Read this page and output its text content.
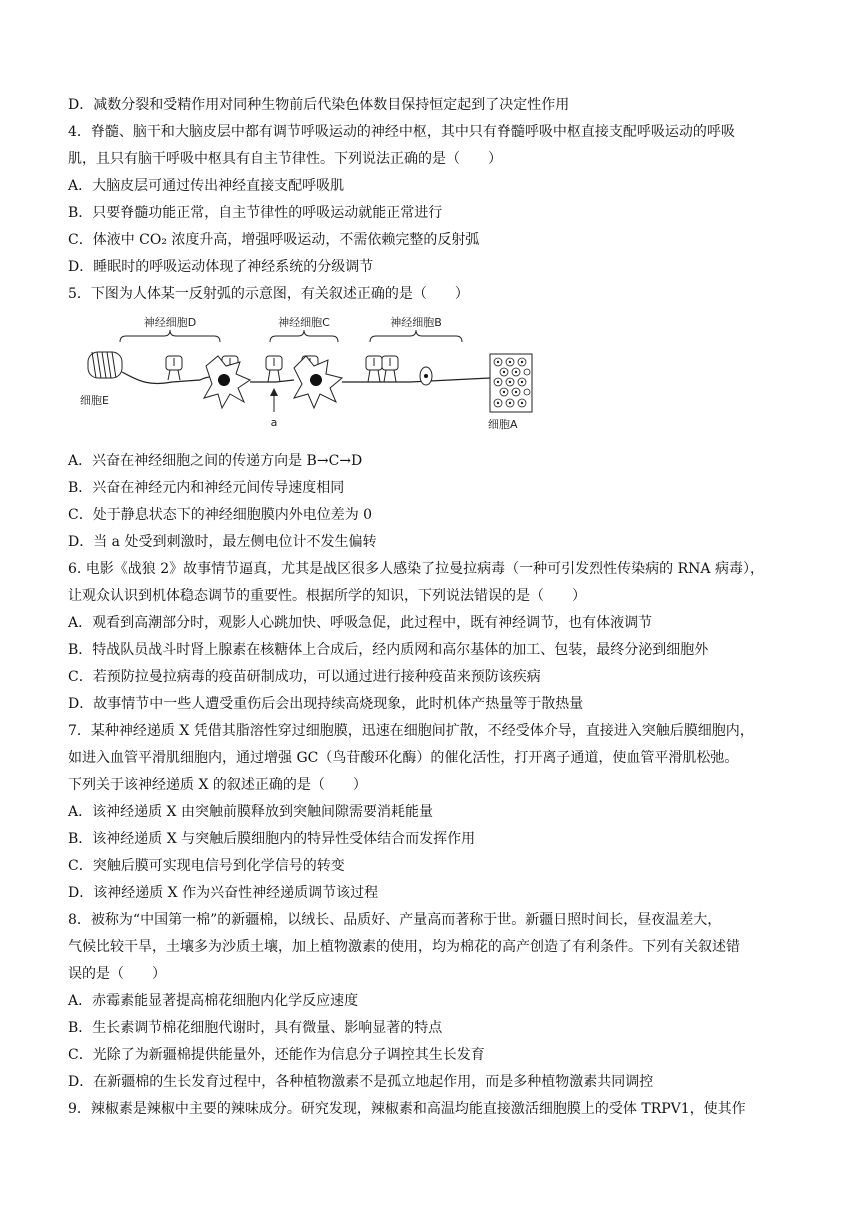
D．减数分裂和受精作用对同种生物前后代染色体数目保持恒定起到了决定性作用
4．脊髓、脑干和大脑皮层中都有调节呼吸运动的神经中枢，其中只有脊髓呼吸中枢直接支配呼吸运动的呼吸
肌，且只有脑干呼吸中枢具有自主节律性。下列说法正确的是（　　）
A．大脑皮层可通过传出神经直接支配呼吸肌
B．只要脊髓功能正常，自主节律性的呼吸运动就能正常进行
C．体液中 CO₂ 浓度升高，增强呼吸运动，不需依赖完整的反射弧
D．睡眠时的呼吸运动体现了神经系统的分级调节
5．下图为人体某一反射弧的示意图，有关叙述正确的是（　　）
神经细胞D	神经细胞C	神经细胞B
细胞E
a	细胞A
A．兴奋在神经细胞之间的传递方向是 B→C→D
B．兴奋在神经元内和神经元间传导速度相同
C．处于静息状态下的神经细胞膜内外电位差为 0
D．当 a 处受到刺激时，最左侧电位计不发生偏转
6. 电影《战狼 2》故事情节逼真，尤其是战区很多人感染了拉曼拉病毒（一种可引发烈性传染病的 RNA 病毒），
让观众认识到机体稳态调节的重要性。根据所学的知识，下列说法错误的是（　　）
A．观看到高潮部分时，观影人心跳加快、呼吸急促，此过程中，既有神经调节，也有体液调节
B．特战队员战斗时肾上腺素在核糖体上合成后，经内质网和高尔基体的加工、包装，最终分泌到细胞外
C．若预防拉曼拉病毒的疫苗研制成功，可以通过进行接种疫苗来预防该疾病
D．故事情节中一些人遭受重伤后会出现持续高烧现象，此时机体产热量等于散热量
7．某种神经递质 X 凭借其脂溶性穿过细胞膜，迅速在细胞间扩散，不经受体介导，直接进入突触后膜细胞内，
如进入血管平滑肌细胞内，通过增强 GC（鸟苷酸环化酶）的催化活性，打开离子通道，使血管平滑肌松弛。
下列关于该神经递质 X 的叙述正确的是（　　）
A．该神经递质 X 由突触前膜释放到突触间隙需要消耗能量
B．该神经递质 X 与突触后膜细胞内的特异性受体结合而发挥作用
C．突触后膜可实现电信号到化学信号的转变
D．该神经递质 X 作为兴奋性神经递质调节该过程
8．被称为“中国第一棉”的新疆棉，以绒长、品质好、产量高而著称于世。新疆日照时间长，昼夜温差大，
气候比较干旱，土壤多为沙质土壤，加上植物激素的使用，均为棉花的高产创造了有利条件。下列有关叙述错
误的是（　　）
A．赤霉素能显著提高棉花细胞内化学反应速度
B．生长素调节棉花细胞代谢时，具有微量、影响显著的特点
C．光除了为新疆棉提供能量外，还能作为信息分子调控其生长发育
D．在新疆棉的生长发育过程中，各种植物激素不是孤立地起作用，而是多种植物激素共同调控
9．辣椒素是辣椒中主要的辣味成分。研究发现，辣椒素和高温均能直接激活细胞膜上的受体 TRPV1，使其作
